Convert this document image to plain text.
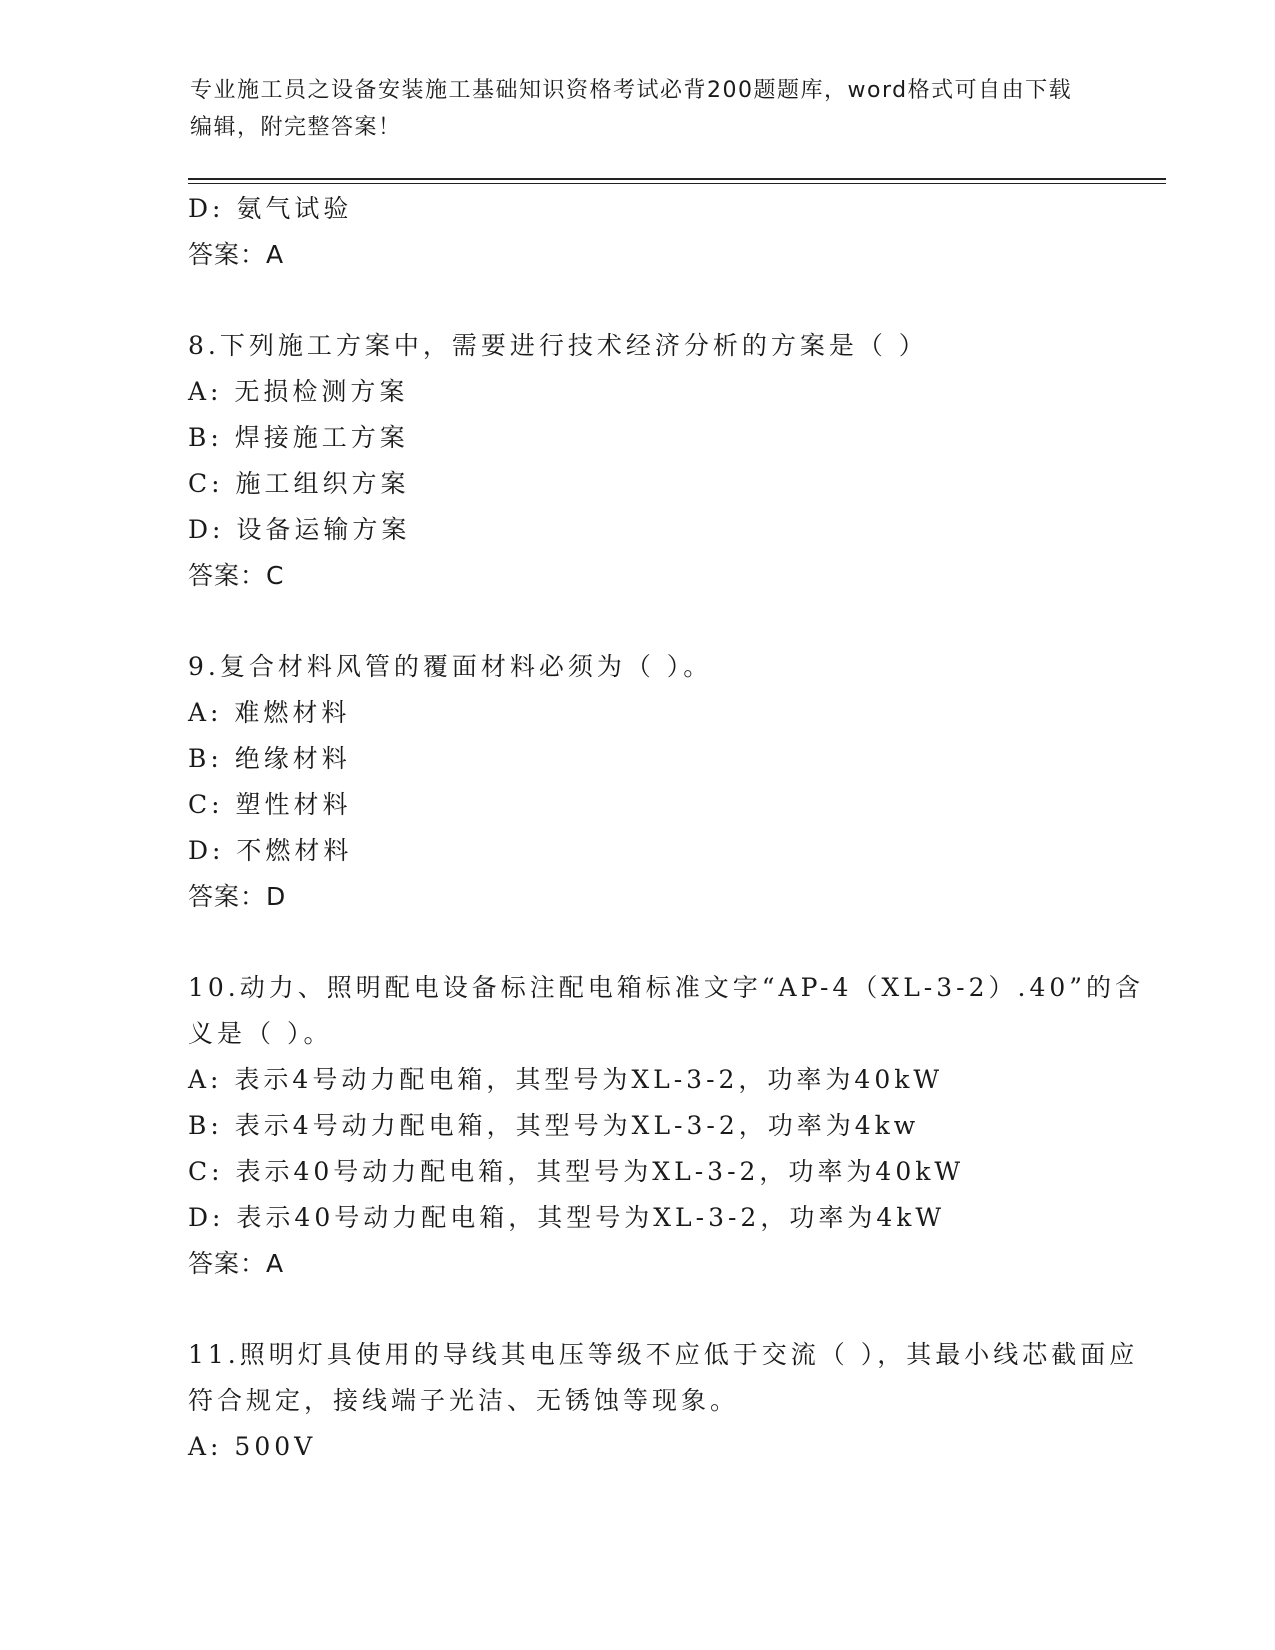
专业施工员之设备安装施工基础知识资格考试必背200题题库，word格式可自由下载编辑，附完整答案！
D: 氨气试验
答案：A
8.下列施工方案中，需要进行技术经济分析的方案是（ ）
A: 无损检测方案
B: 焊接施工方案
C: 施工组织方案
D: 设备运输方案
答案：C
9.复合材料风管的覆面材料必须为（ ）。
A: 难燃材料
B: 绝缘材料
C: 塑性材料
D: 不燃材料
答案：D
10.动力、照明配电设备标注配电箱标准文字“AP-4（XL-3-2）.40”的含义是（ ）。
A: 表示4号动力配电箱，其型号为XL-3-2，功率为40kW
B: 表示4号动力配电箱，其型号为XL-3-2，功率为4kw
C: 表示40号动力配电箱，其型号为XL-3-2，功率为40kW
D: 表示40号动力配电箱，其型号为XL-3-2，功率为4kW
答案：A
11.照明灯具使用的导线其电压等级不应低于交流（ ），其最小线芯截面应符合规定，接线端子光洁、无锈蚀等现象。
A: 500V
